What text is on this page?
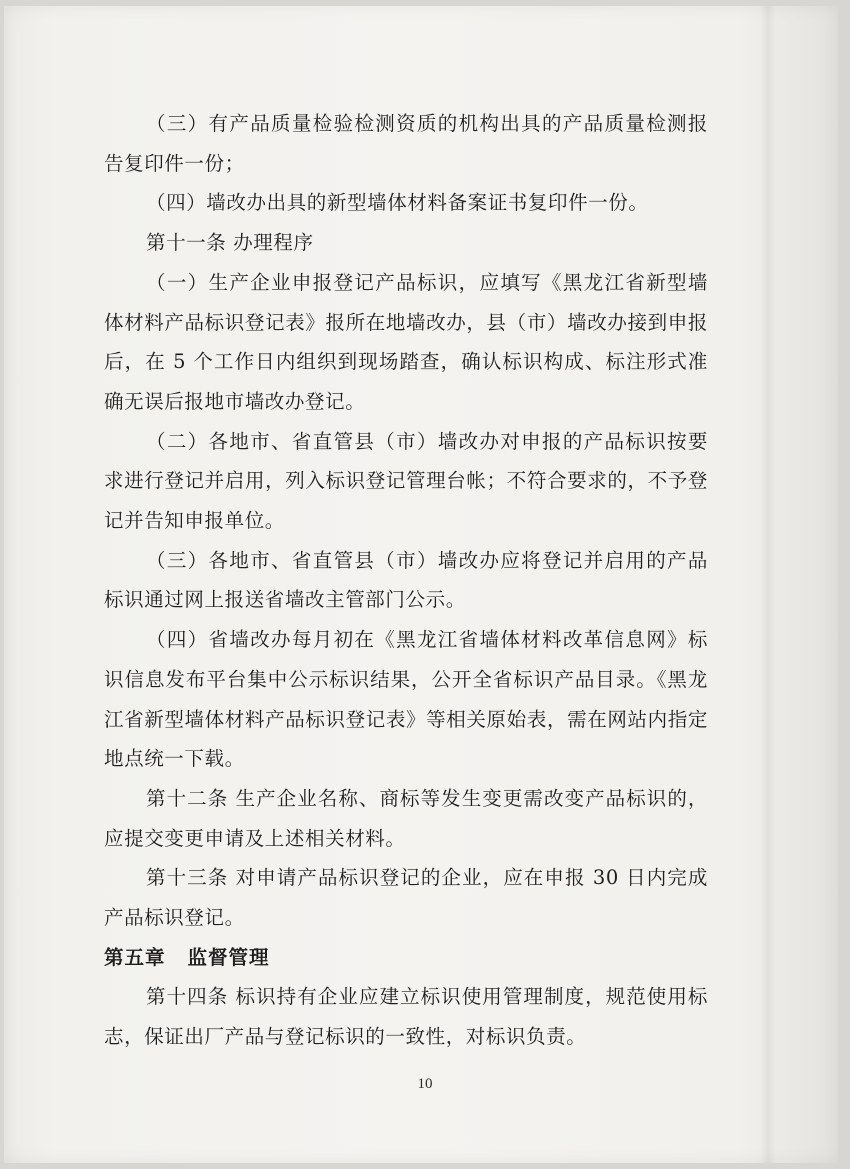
（三）有产品质量检验检测资质的机构出具的产品质量检测报告复印件一份；

（四）墙改办出具的新型墙体材料备案证书复印件一份。

第十一条 办理程序

（一）生产企业申报登记产品标识，应填写《黑龙江省新型墙体材料产品标识登记表》报所在地墙改办，县（市）墙改办接到申报后，在 5 个工作日内组织到现场踏查，确认标识构成、标注形式准确无误后报地市墙改办登记。

（二）各地市、省直管县（市）墙改办对申报的产品标识按要求进行登记并启用，列入标识登记管理台帐；不符合要求的，不予登记并告知申报单位。

（三）各地市、省直管县（市）墙改办应将登记并启用的产品标识通过网上报送省墙改主管部门公示。

（四）省墙改办每月初在《黑龙江省墙体材料改革信息网》标识信息发布平台集中公示标识结果，公开全省标识产品目录。《黑龙江省新型墙体材料产品标识登记表》等相关原始表，需在网站内指定地点统一下载。

第十二条 生产企业名称、商标等发生变更需改变产品标识的，应提交变更申请及上述相关材料。

第十三条 对申请产品标识登记的企业，应在申报 30 日内完成产品标识登记。

第五章 监督管理

第十四条 标识持有企业应建立标识使用管理制度，规范使用标志，保证出厂产品与登记标识的一致性，对标识负责。

10
